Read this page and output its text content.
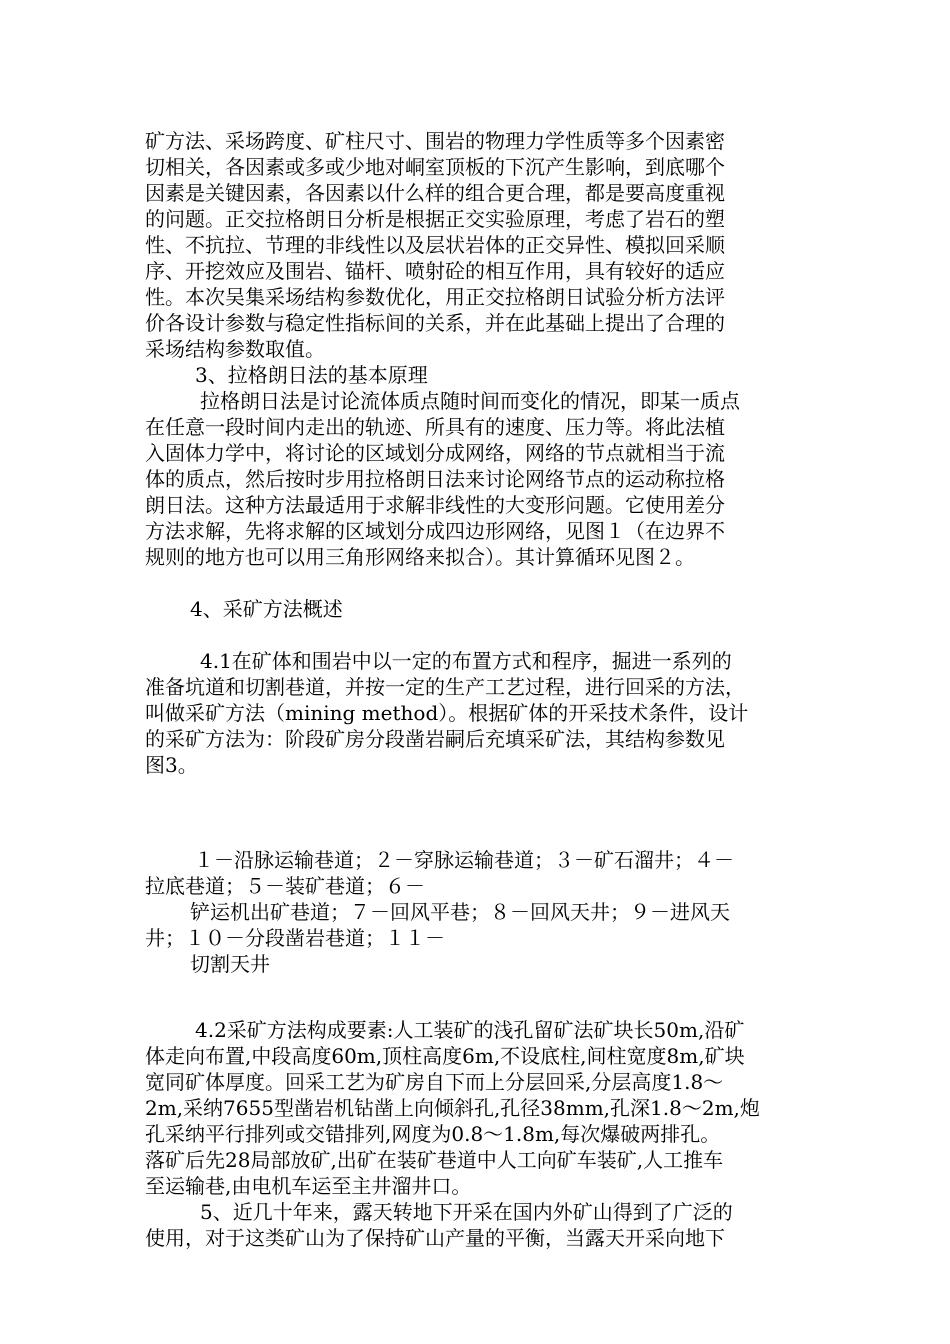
矿方法、采场跨度、矿柱尺寸、围岩的物理力学性质等多个因素密
切相关，各因素或多或少地对峒室顶板的下沉产生影响，到底哪个
因素是关键因素，各因素以什么样的组合更合理，都是要高度重视
的问题。正交拉格朗日分析是根据正交实验原理，考虑了岩石的塑
性、不抗拉、节理的非线性以及层状岩体的正交异性、模拟回采顺
序、开挖效应及围岩、锚杆、喷射砼的相互作用，具有较好的适应
性。本次吴集采场结构参数优化，用正交拉格朗日试验分析方法评
价各设计参数与稳定性指标间的关系，并在此基础上提出了合理的
采场结构参数取值。
3、拉格朗日法的基本原理
拉格朗日法是讨论流体质点随时间而变化的情况，即某一质点
在任意一段时间内走出的轨迹、所具有的速度、压力等。将此法植
入固体力学中，将讨论的区域划分成网络，网络的节点就相当于流
体的质点，然后按时步用拉格朗日法来讨论网络节点的运动称拉格
朗日法。这种方法最适用于求解非线性的大变形问题。它使用差分
方法求解，先将求解的区域划分成四边形网络，见图１（在边界不
规则的地方也可以用三角形网络来拟合）。其计算循环见图２。
4、采矿方法概述
4.1在矿体和围岩中以一定的布置方式和程序，掘进一系列的
准备坑道和切割巷道，并按一定的生产工艺过程，进行回采的方法，
叫做采矿方法（mining method）。根据矿体的开采技术条件，设计
的采矿方法为：阶段矿房分段凿岩嗣后充填采矿法，其结构参数见
图3。
１－沿脉运输巷道；２－穿脉运输巷道；３－矿石溜井；４－
拉底巷道；５－装矿巷道；６－
铲运机出矿巷道；７－回风平巷；８－回风天井；９－进风天
井；１０－分段凿岩巷道；１１－
切割天井
4.2采矿方法构成要素:人工装矿的浅孔留矿法矿块长50m,沿矿
体走向布置,中段高度60m,顶柱高度6m,不设底柱,间柱宽度8m,矿块
宽同矿体厚度。回采工艺为矿房自下而上分层回采,分层高度1.8～
2m,采纳7655型凿岩机钻凿上向倾斜孔,孔径38mm,孔深1.8～2m,炮
孔采纳平行排列或交错排列,网度为0.8～1.8m,每次爆破两排孔。
落矿后先28局部放矿,出矿在装矿巷道中人工向矿车装矿,人工推车
至运输巷,由电机车运至主井溜井口。
5、近几十年来，露天转地下开采在国内外矿山得到了广泛的
使用，对于这类矿山为了保持矿山产量的平衡，当露天开采向地下
